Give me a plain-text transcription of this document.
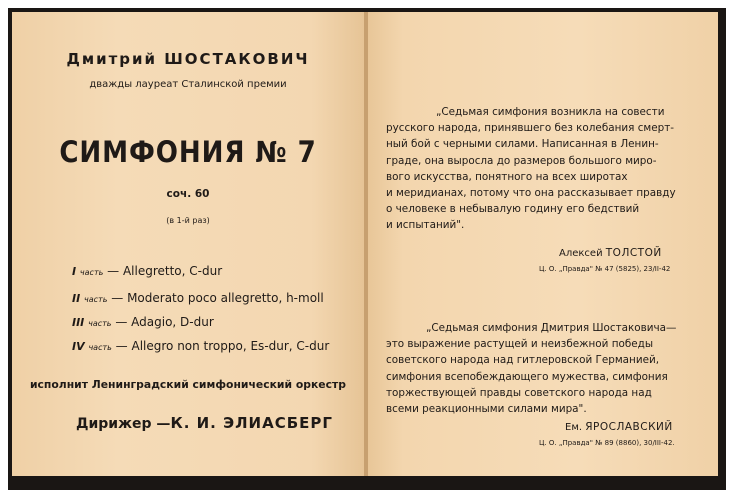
Дмитрий ШОСТАКОВИЧ
дважды лауреат Сталинской премии
СИМФОНИЯ № 7
соч. 60
(в 1-й раз)
I часть — Allegretto, C-dur
II часть — Moderato poco allegretto, h-moll
III часть — Adagio, D-dur
IV часть — Allegro non troppo, Es-dur, C-dur
исполнит Ленинградский симфонический оркестр
Дирижер —К. И. ЭЛИАСБЕРГ
„Седьмая симфония возникла на совести
русского народа, принявшего без колебания смерт-
ный бой с черными силами. Написанная в Ленин-
граде, она выросла до размеров большого миро-
вого искусства, понятного на всех широтах
и меридианах, потому что она рассказывает правду
о человеке в небывалую годину его бедствий
и испытаний".
Алексей ТОЛСТОЙ
Ц. О. „Правда" № 47 (5825), 23/II-42
„Седьмая симфония Дмитрия Шостаковича—
это выражение растущей и неизбежной победы
советского народа над гитлеровской Германией,
симфония всепобеждающего мужества, симфония
торжествующей правды советского народа над
всеми реакционными силами мира".
Ем. ЯРОСЛАВСКИЙ
Ц. О. „Правда" № 89 (8860), 30/III-42.
